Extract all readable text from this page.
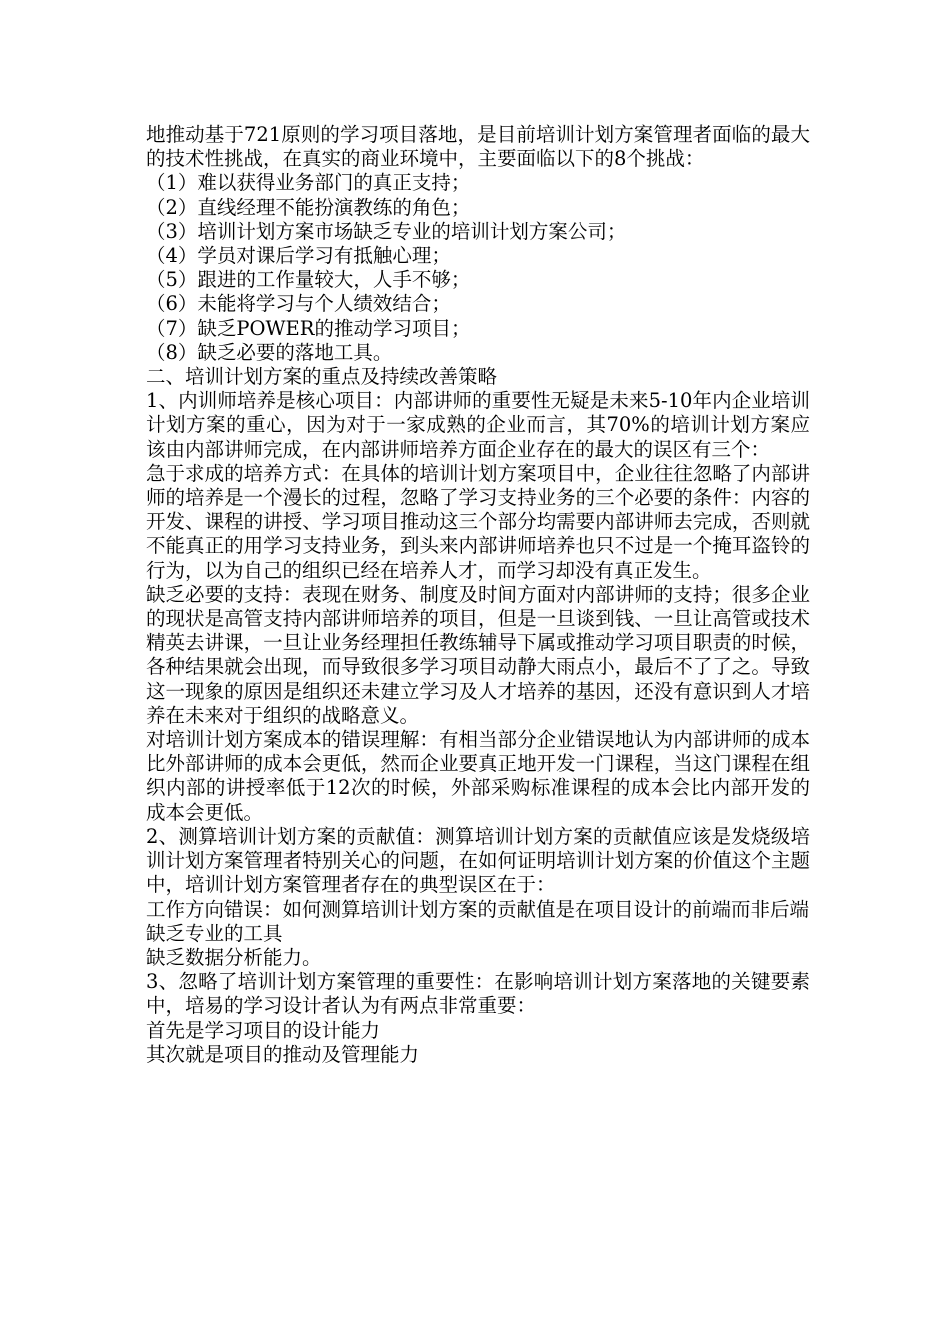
地推动基于721原则的学习项目落地，是目前培训计划方案管理者面临的最大的技术性挑战，在真实的商业环境中，主要面临以下的8个挑战：

（1）难以获得业务部门的真正支持；

（2）直线经理不能扮演教练的角色；

（3）培训计划方案市场缺乏专业的培训计划方案公司；

（4）学员对课后学习有抵触心理；

（5）跟进的工作量较大，人手不够；

（6）未能将学习与个人绩效结合；

（7）缺乏POWER的推动学习项目；

（8）缺乏必要的落地工具。

二、培训计划方案的重点及持续改善策略

1、内训师培养是核心项目：内部讲师的重要性无疑是未来5-10年内企业培训计划方案的重心，因为对于一家成熟的企业而言，其70%的培训计划方案应该由内部讲师完成，在内部讲师培养方面企业存在的最大的误区有三个：

急于求成的培养方式：在具体的培训计划方案项目中，企业往往忽略了内部讲师的培养是一个漫长的过程，忽略了学习支持业务的三个必要的条件：内容的开发、课程的讲授、学习项目推动这三个部分均需要内部讲师去完成，否则就不能真正的用学习支持业务，到头来内部讲师培养也只不过是一个掩耳盗铃的行为，以为自己的组织已经在培养人才，而学习却没有真正发生。

缺乏必要的支持：表现在财务、制度及时间方面对内部讲师的支持；很多企业的现状是高管支持内部讲师培养的项目，但是一旦谈到钱、一旦让高管或技术精英去讲课，一旦让业务经理担任教练辅导下属或推动学习项目职责的时候，各种结果就会出现，而导致很多学习项目动静大雨点小，最后不了了之。导致这一现象的原因是组织还未建立学习及人才培养的基因，还没有意识到人才培养在未来对于组织的战略意义。

对培训计划方案成本的错误理解：有相当部分企业错误地认为内部讲师的成本比外部讲师的成本会更低，然而企业要真正地开发一门课程，当这门课程在组织内部的讲授率低于12次的时候，外部采购标准课程的成本会比内部开发的成本会更低。

2、测算培训计划方案的贡献值：测算培训计划方案的贡献值应该是发烧级培训计划方案管理者特别关心的问题，在如何证明培训计划方案的价值这个主题中，培训计划方案管理者存在的典型误区在于：

工作方向错误：如何测算培训计划方案的贡献值是在项目设计的前端而非后端

缺乏专业的工具

缺乏数据分析能力。

3、忽略了培训计划方案管理的重要性：在影响培训计划方案落地的关键要素中，培易的学习设计者认为有两点非常重要：

首先是学习项目的设计能力

其次就是项目的推动及管理能力
